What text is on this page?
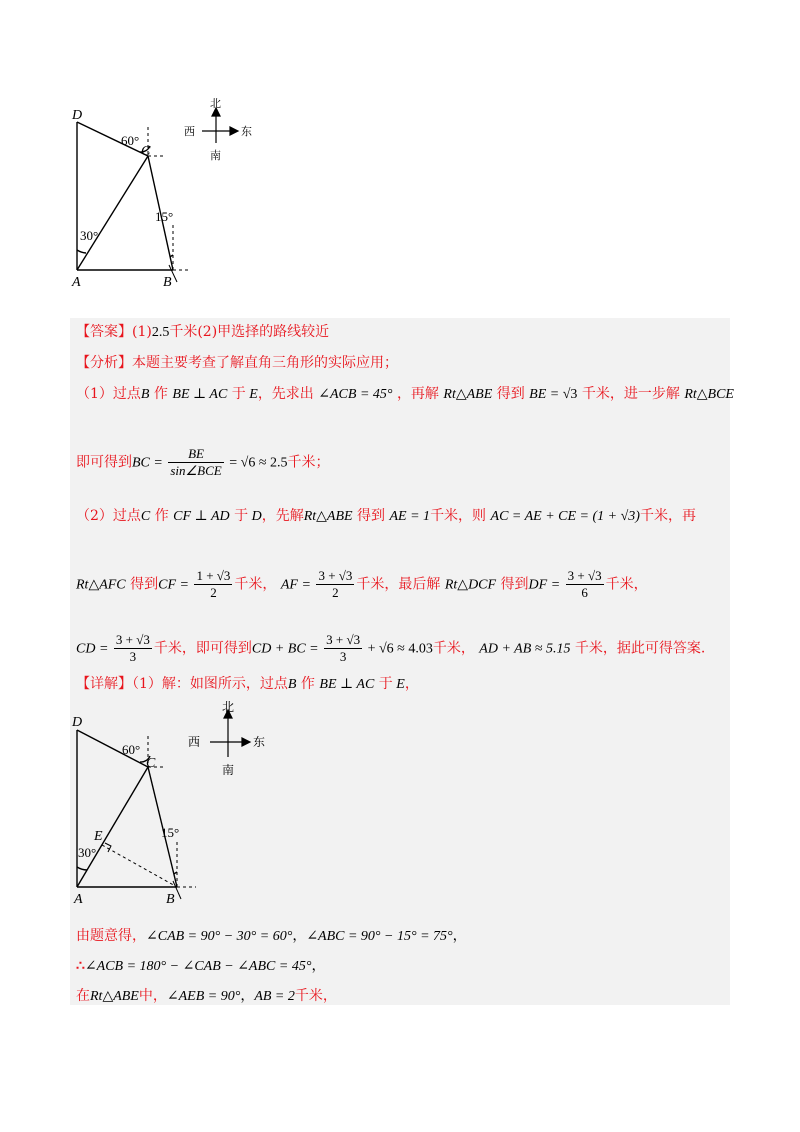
D
C
A	B
60°
30°
15°
北
南
西	东
【答案】(1)2.5千米(2)甲选择的路线较近
【分析】本题主要考查了解直角三角形的实际应用；
（1）过点B 作 BE ⊥ AC 于 E，先求出 ∠ACB = 45° ，再解 Rt△ABE 得到 BE = √3 千米，进一步解 Rt△BCE
即可得到BC = $\frac{BE}{\text{sin∠BCE}} = √6 \approx 2.5$千米；
（2）过点C 作 CF ⊥ AD 于 D，先解Rt△ABE 得到 AE = 1千米，则 AC = AE + CE = (1 + √3)千米，再
Rt△AFC 得到CF = $\frac{1 + √3}{2}$ 千米， AF = $\frac{3 + √3}{2}$ 千米，最后解 Rt△DCF 得到DF = $\frac{3 + √3}{6}$ 千米，
CD = $\frac{3 + √3}{3}$ 千米，即可得到CD + BC = $\frac{3 + √3}{3} + √6 \approx 4.03$千米， AD + AB ≈ 5.15 千米，据此可得答案.
【详解】（1）解：如图所示，过点B 作 BE ⊥ AC 于 E，
D
C
A	B
E
60°
30°
15°
北
南
西	东
由题意得，∠CAB = 90° − 30° = 60°，∠ABC = 90° − 15° = 75°，
∴∠ACB = 180° − ∠CAB − ∠ABC = 45°，
在Rt△ABE中，∠AEB = 90°，AB = 2千米，
